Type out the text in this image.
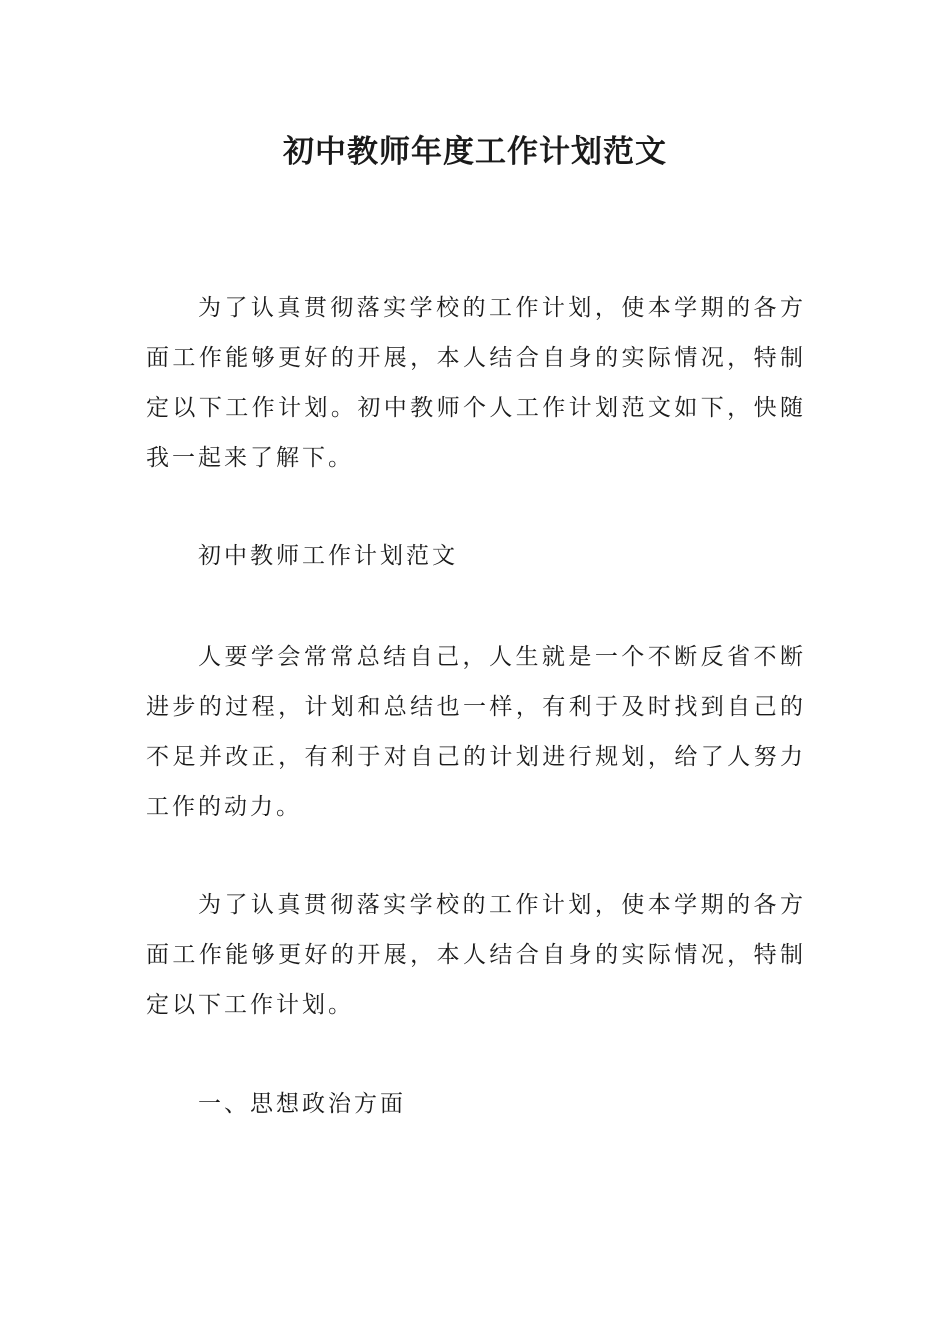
初中教师年度工作计划范文

为了认真贯彻落实学校的工作计划，使本学期的各方面工作能够更好的开展，本人结合自身的实际情况，特制定以下工作计划。初中教师个人工作计划范文如下，快随我一起来了解下。

初中教师工作计划范文

人要学会常常总结自己，人生就是一个不断反省不断进步的过程，计划和总结也一样，有利于及时找到自己的不足并改正，有利于对自己的计划进行规划，给了人努力工作的动力。

为了认真贯彻落实学校的工作计划，使本学期的各方面工作能够更好的开展，本人结合自身的实际情况，特制定以下工作计划。

一、思想政治方面
